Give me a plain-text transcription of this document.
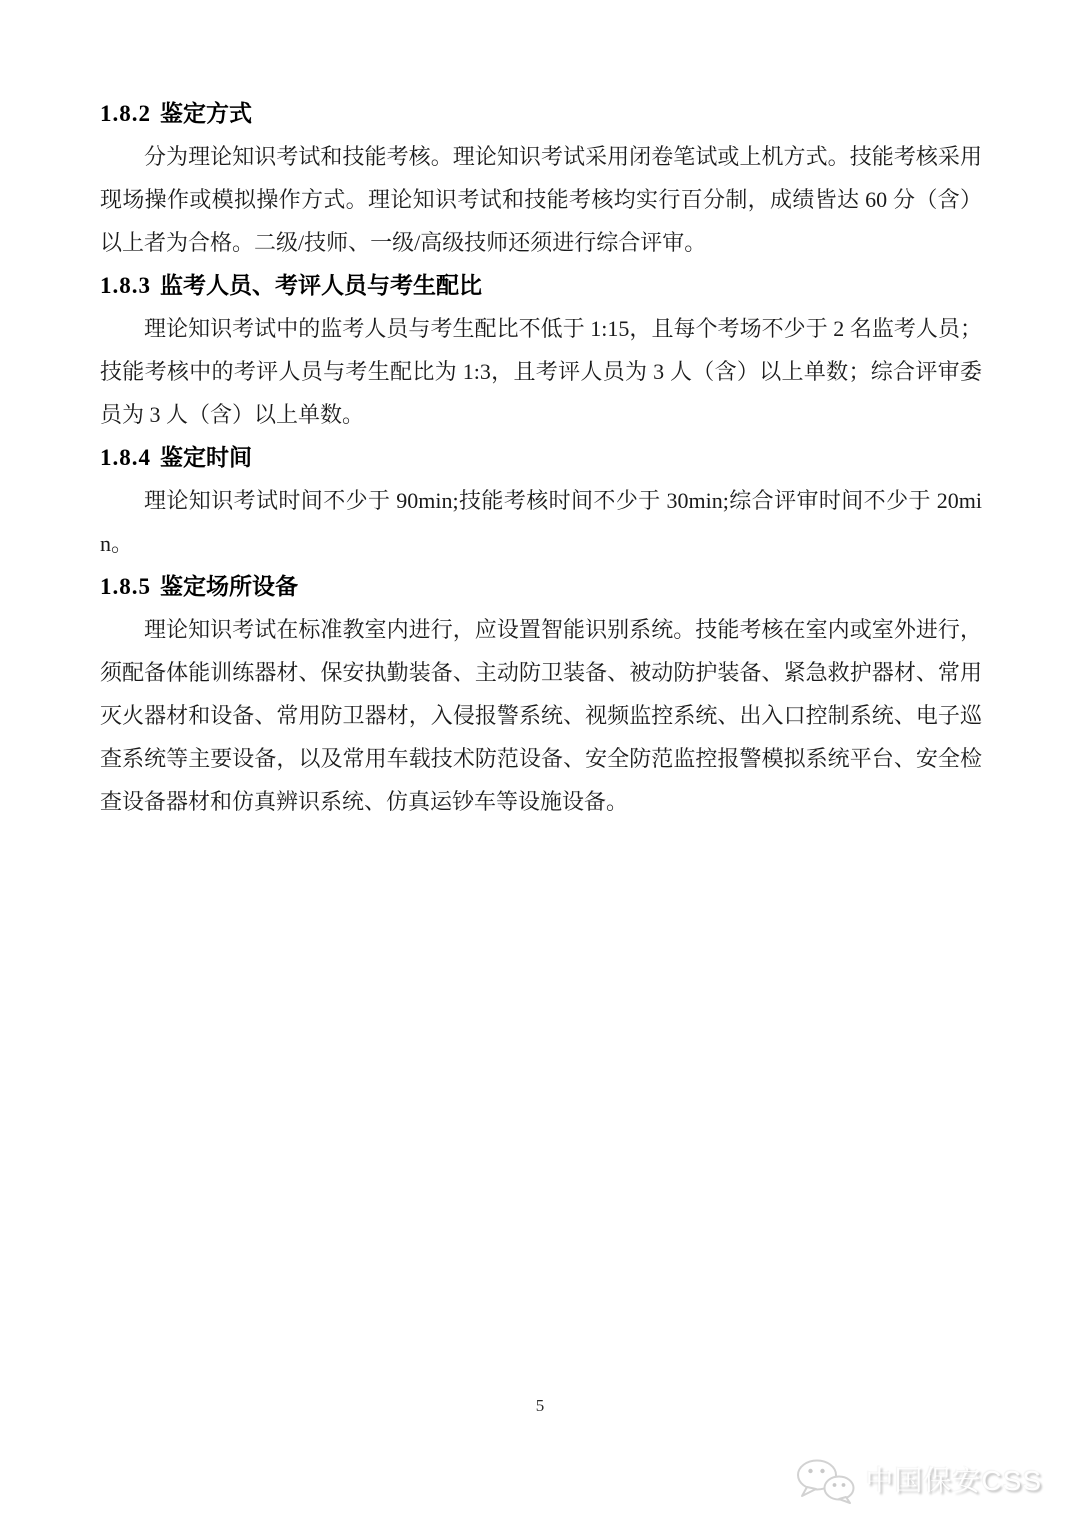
1.8.2 鉴定方式

分为理论知识考试和技能考核。理论知识考试采用闭卷笔试或上机方式。技能考核采用现场操作或模拟操作方式。理论知识考试和技能考核均实行百分制，成绩皆达 60 分（含）以上者为合格。二级/技师、一级/高级技师还须进行综合评审。

1.8.3 监考人员、考评人员与考生配比

理论知识考试中的监考人员与考生配比不低于 1:15，且每个考场不少于 2 名监考人员；技能考核中的考评人员与考生配比为 1:3，且考评人员为 3 人（含）以上单数；综合评审委员为 3 人（含）以上单数。

1.8.4 鉴定时间

理论知识考试时间不少于 90min;技能考核时间不少于 30min;综合评审时间不少于 20min。

1.8.5 鉴定场所设备

理论知识考试在标准教室内进行，应设置智能识别系统。技能考核在室内或室外进行，须配备体能训练器材、保安执勤装备、主动防卫装备、被动防护装备、紧急救护器材、常用灭火器材和设备、常用防卫器材，入侵报警系统、视频监控系统、出入口控制系统、电子巡查系统等主要设备，以及常用车载技术防范设备、安全防范监控报警模拟系统平台、安全检查设备器材和仿真辨识系统、仿真运钞车等设施设备。

5
中国保安CSS
